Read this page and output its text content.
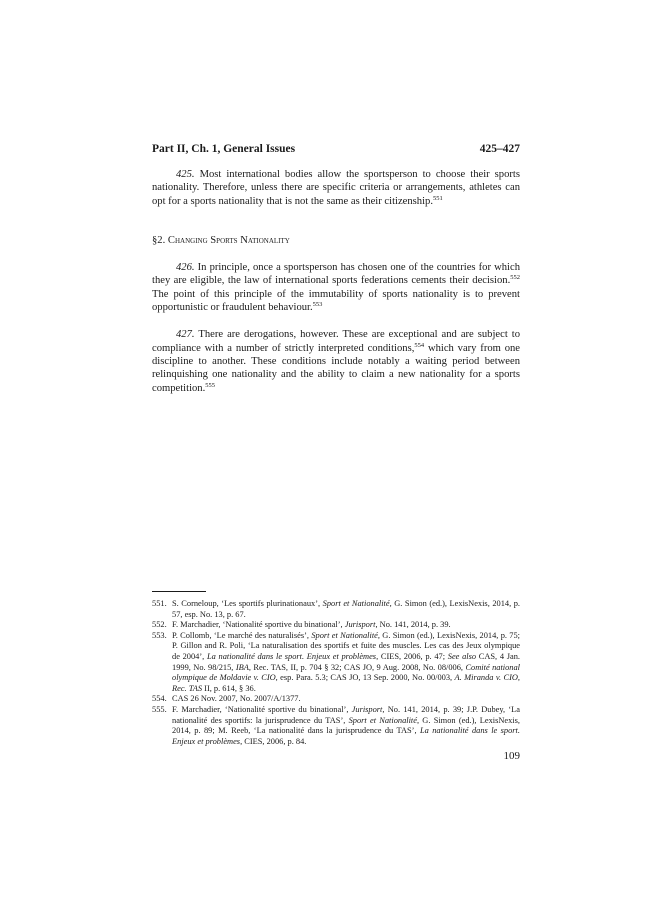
Part II, Ch. 1, General Issues	425–427

425. Most international bodies allow the sportsperson to choose their sports nationality. Therefore, unless there are specific criteria or arrangements, athletes can opt for a sports nationality that is not the same as their citizenship.$^{551}$

§2. Changing Sports Nationality

426. In principle, once a sportsperson has chosen one of the countries for which they are eligible, the law of international sports federations cements their decision.$^{552}$ The point of this principle of the immutability of sports nationality is to prevent opportunistic or fraudulent behaviour.$^{553}$

427. There are derogations, however. These are exceptional and are subject to compliance with a number of strictly interpreted conditions,$^{554}$ which vary from one discipline to another. These conditions include notably a waiting period between relinquishing one nationality and the ability to claim a new nationality for a sports competition.$^{555}$

551. S. Corneloup, ‘Les sportifs plurinationaux’, Sport et Nationalité, G. Simon (ed.), LexisNexis, 2014, p. 57, esp. No. 13, p. 67.

552. F. Marchadier, ‘Nationalité sportive du binational’, Jurisport, No. 141, 2014, p. 39.

553. P. Collomb, ‘Le marché des naturalisés’, Sport et Nationalité, G. Simon (ed.), LexisNexis, 2014, p. 75; P. Gillon and R. Poli, ‘La naturalisation des sportifs et fuite des muscles. Les cas des Jeux olympique de 2004’, La nationalité dans le sport. Enjeux et problèmes, CIES, 2006, p. 47; See also CAS, 4 Jan. 1999, No. 98/215, IBA, Rec. TAS, II, p. 704 § 32; CAS JO, 9 Aug. 2008, No. 08/006, Comité national olympique de Moldavie v. CIO, esp. Para. 5.3; CAS JO, 13 Sep. 2000, No. 00/003, A. Miranda v. CIO, Rec. TAS II, p. 614, § 36.

554. CAS 26 Nov. 2007, No. 2007/A/1377.

555. F. Marchadier, ‘Nationalité sportive du binational’, Jurisport, No. 141, 2014, p. 39; J.P. Dubey, ‘La nationalité des sportifs: la jurisprudence du TAS’, Sport et Nationalité, G. Simon (ed.), LexisNexis, 2014, p. 89; M. Reeb, ‘La nationalité dans la jurisprudence du TAS’, La nationalité dans le sport. Enjeux et problèmes, CIES, 2006, p. 84.

109
